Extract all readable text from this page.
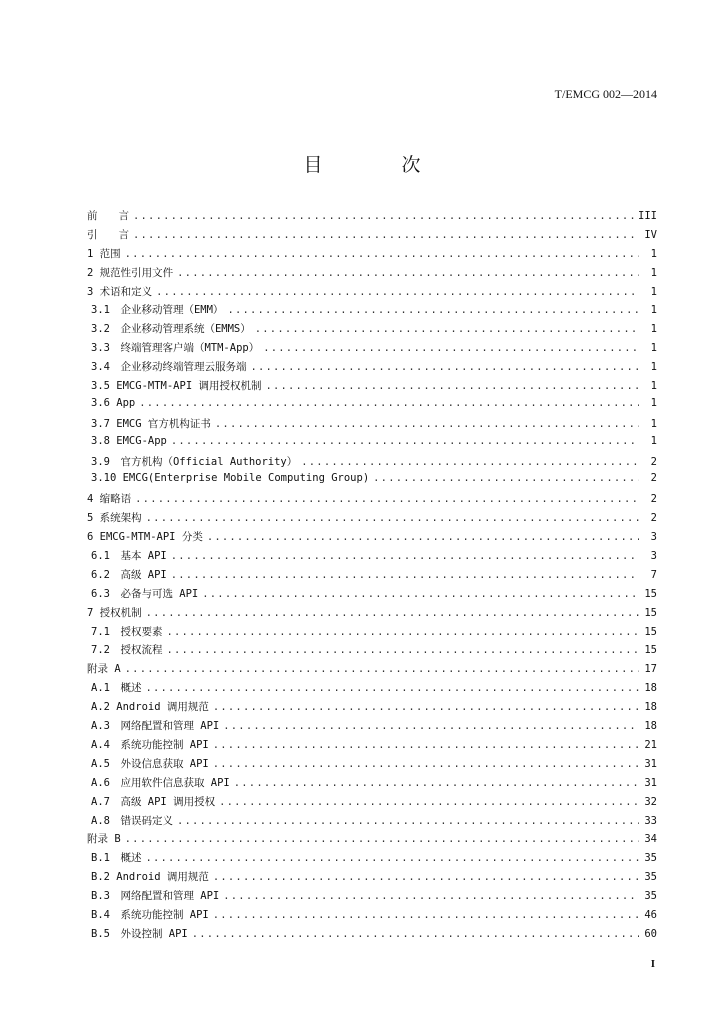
T/EMCG 002—2014
目　次
前　　言 .....	III
引　　言 .....	IV
1 范围 .....	1
2 规范性引用文件 .....	1
3 术语和定义 .....	1
3.1　企业移动管理（EMM） .....	1
3.2　企业移动管理系统（EMMS） .....	1
3.3　终端管理客户端（MTM-App） .....	1
3.4　企业移动终端管理云服务端 .....	1
3.5 EMCG-MTM-API 调用授权机制 .....	1
3.6 App .....	1
3.7 EMCG 官方机构证书 .....	1
3.8 EMCG-App .....	1
3.9　官方机构（Official Authority） .....	2
3.10 EMCG(Enterprise Mobile Computing Group) .....	2
4 缩略语 .....	2
5 系统架构 .....	2
6 EMCG-MTM-API 分类 .....	3
6.1　基本 API .....	3
6.2　高级 API .....	7
6.3　必备与可选 API .....	15
7 授权机制 .....	15
7.1　授权要素 .....	15
7.2　授权流程 .....	15
附录 A .....	17
A.1　概述 .....	18
A.2 Android 调用规范 .....	18
A.3　网络配置和管理 API .....	18
A.4　系统功能控制 API .....	21
A.5　外设信息获取 API .....	31
A.6　应用软件信息获取 API .....	31
A.7　高级 API 调用授权 .....	32
A.8　错误码定义 .....	33
附录 B .....	34
B.1　概述 .....	35
B.2 Android 调用规范 .....	35
B.3　网络配置和管理 API .....	35
B.4　系统功能控制 API .....	46
B.5　外设控制 API .....	60
I
